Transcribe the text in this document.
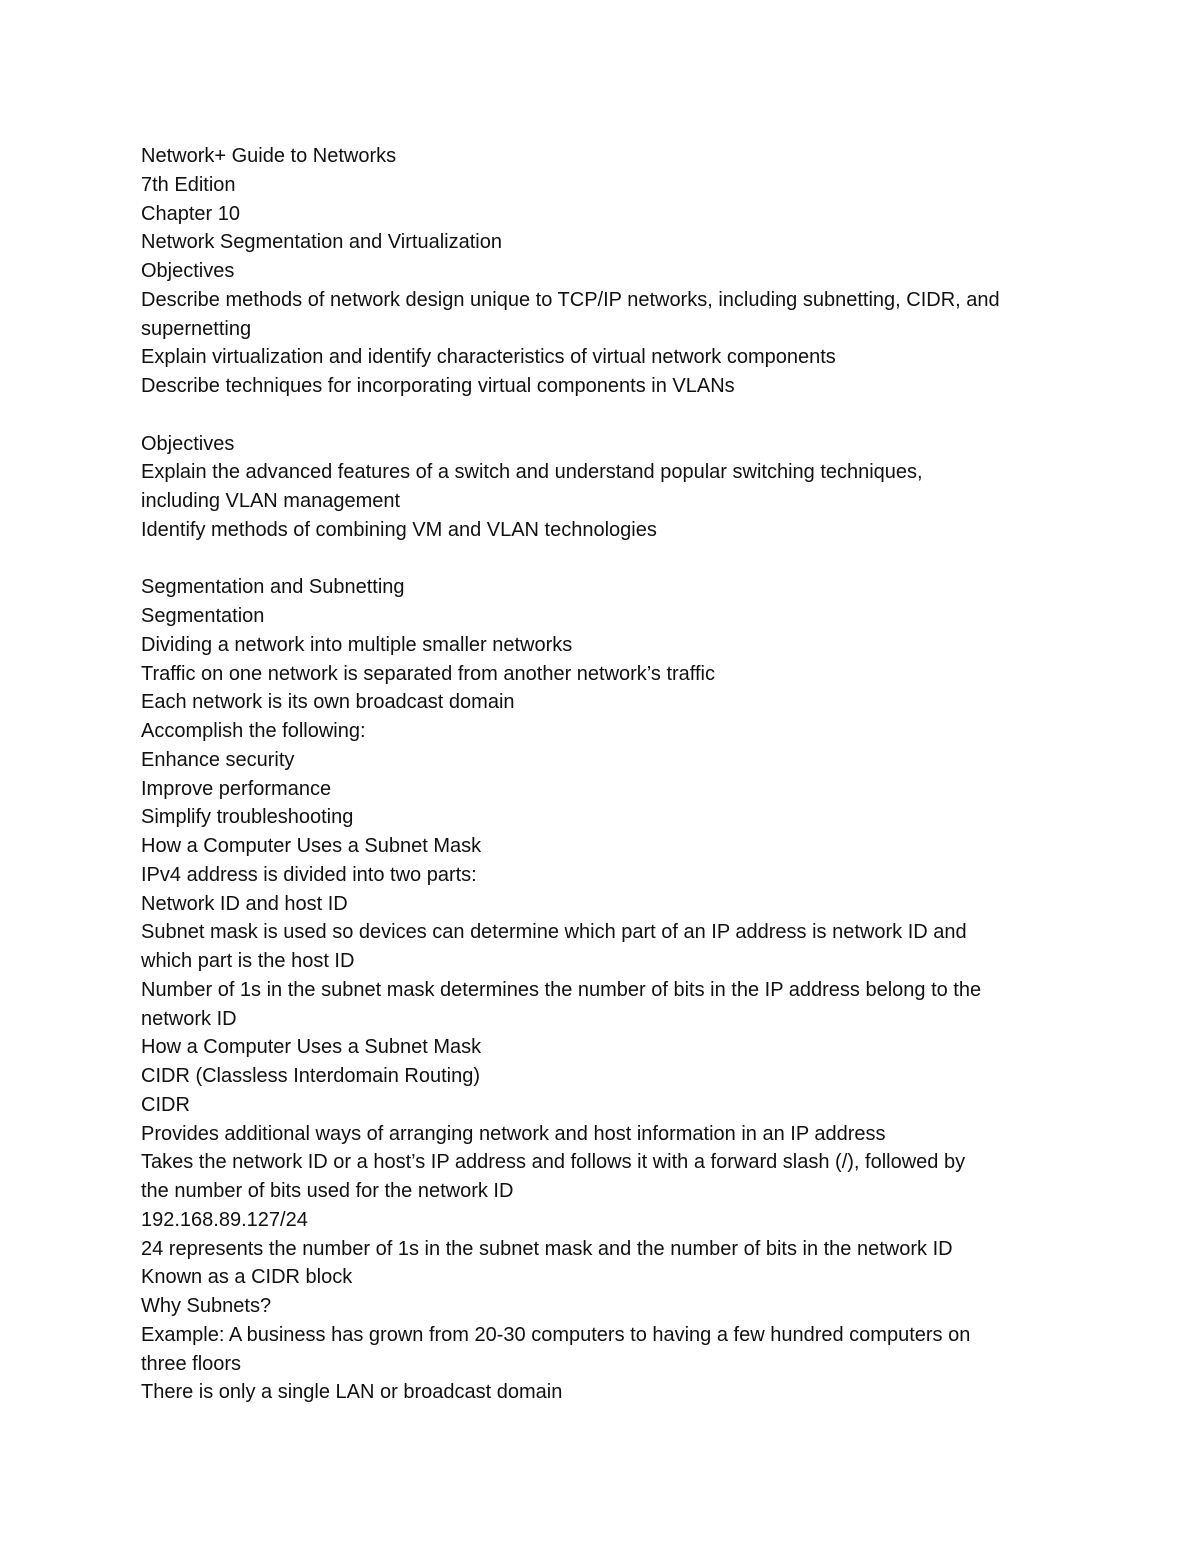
Network+ Guide to Networks
7th Edition
Chapter 10
Network Segmentation and Virtualization
Objectives
Describe methods of network design unique to TCP/IP networks, including subnetting, CIDR, and
supernetting
Explain virtualization and identify characteristics of virtual network components
Describe techniques for incorporating virtual components in VLANs
Objectives
Explain the advanced features of a switch and understand popular switching techniques,
including VLAN management
Identify methods of combining VM and VLAN technologies
Segmentation and Subnetting
Segmentation
Dividing a network into multiple smaller networks
Traffic on one network is separated from another network’s traffic
Each network is its own broadcast domain
Accomplish the following:
Enhance security
Improve performance
Simplify troubleshooting
How a Computer Uses a Subnet Mask
IPv4 address is divided into two parts:
Network ID and host ID
Subnet mask is used so devices can determine which part of an IP address is network ID and
which part is the host ID
Number of 1s in the subnet mask determines the number of bits in the IP address belong to the
network ID
How a Computer Uses a Subnet Mask
CIDR (Classless Interdomain Routing)
CIDR
Provides additional ways of arranging network and host information in an IP address
Takes the network ID or a host’s IP address and follows it with a forward slash (/), followed by
the number of bits used for the network ID
192.168.89.127/24
24 represents the number of 1s in the subnet mask and the number of bits in the network ID
Known as a CIDR block
Why Subnets?
Example: A business has grown from 20-30 computers to having a few hundred computers on
three floors
There is only a single LAN or broadcast domain
